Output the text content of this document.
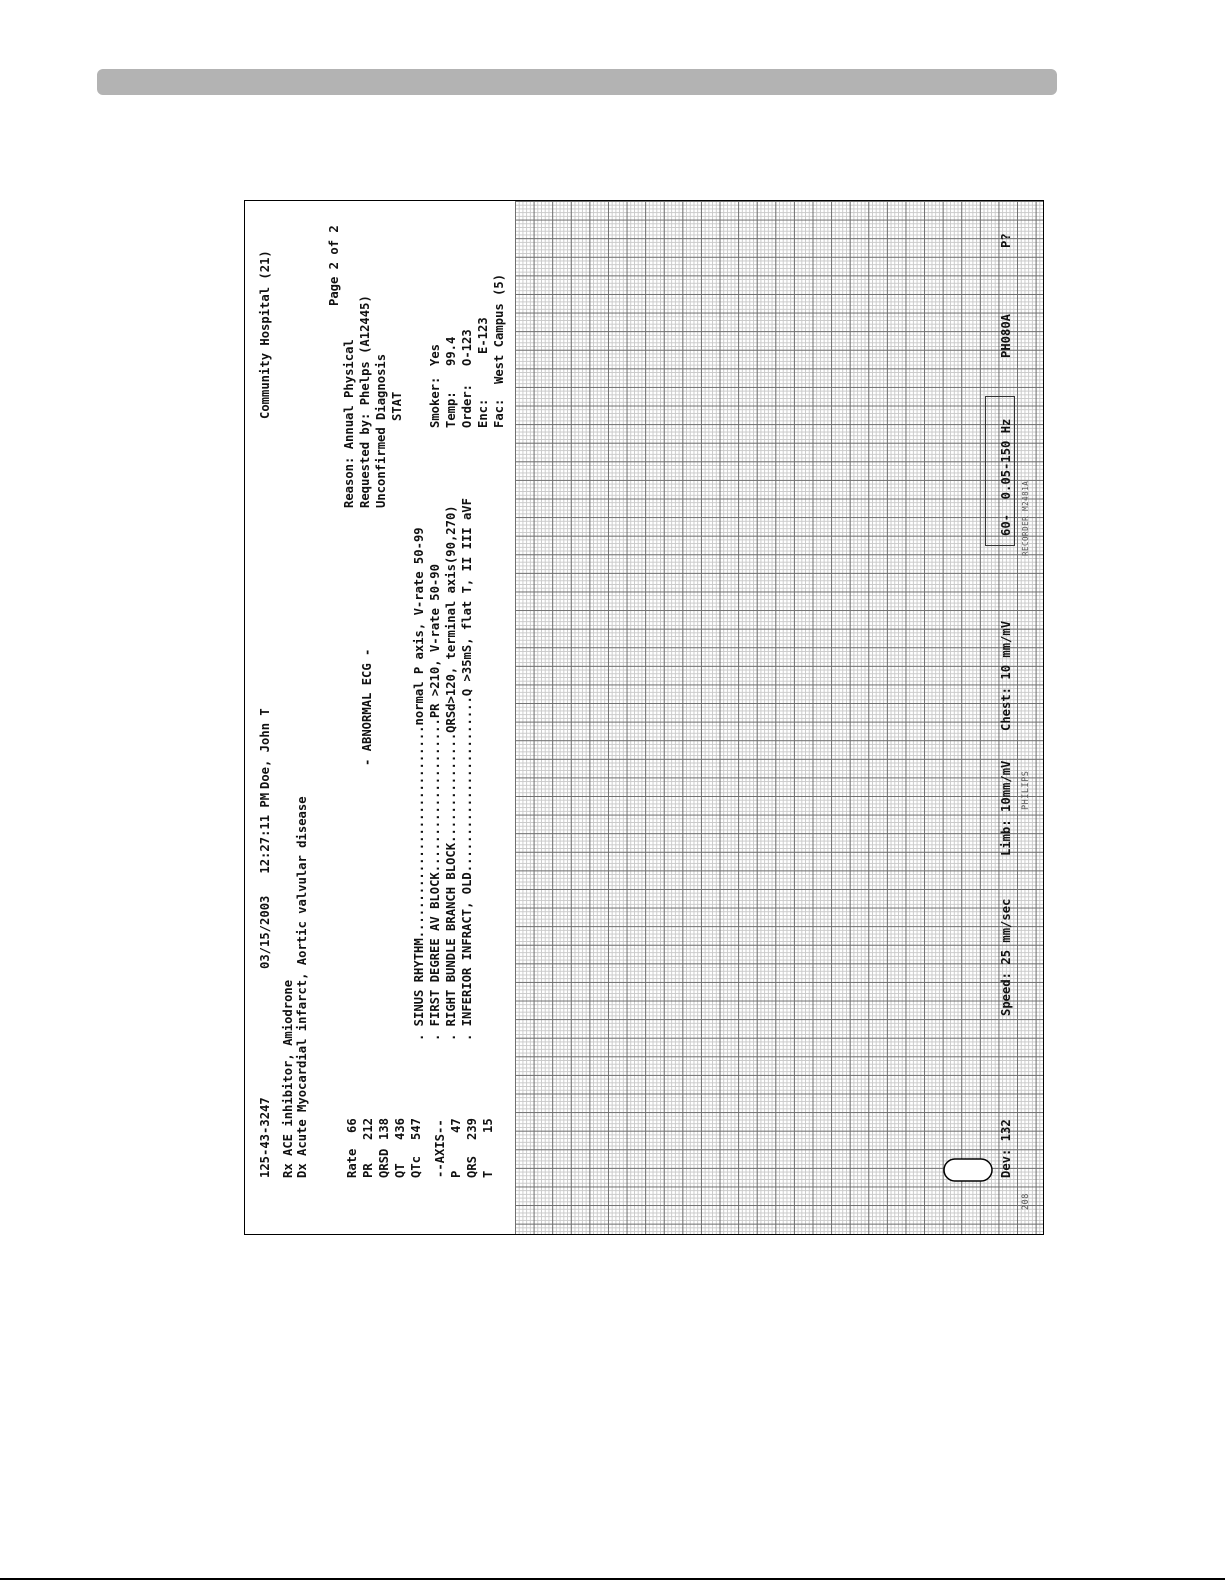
125-43-3247
03/15/2003   12:27:11 PM
Doe, John T
Community Hospital (21)
Rx ACE inhibitor, Amiodrone Dx Acute Myocardial infarct, Aortic valvular disease
Page 2 of 2
Reason: Annual Physical Requested by: Phelps (A12445) Unconfirmed Diagnosis STAT
- ABNORMAL ECG -
Rate
66
PR
212
QRSD
138
QT
436
QTc
547 --AXIS-- P
47
QRS
239
T
15
. SINUS RHYTHM.............................normal P axis, V-rate 50-99 . FIRST DEGREE AV BLOCK.....................PR >210, V-rate 50-90 . RIGHT BUNDLE BRANCH BLOCK...............QRSd>120, terminal axis(90,270) . INFERIOR INFRACT, OLD........................Q >35mS, flat T, II III aVF
Smoker:
Yes
Temp:
99.4
Order:
O-123
Enc:
E-123
Fac:
West Campus (5)
Dev: 132
Speed: 25 mm/sec
Limb: 10mm/mV
Chest: 10 mm/mV
60-  0.05-150 Hz
PH080A
P?
PHILIPS
RECORDER M2481A
208
